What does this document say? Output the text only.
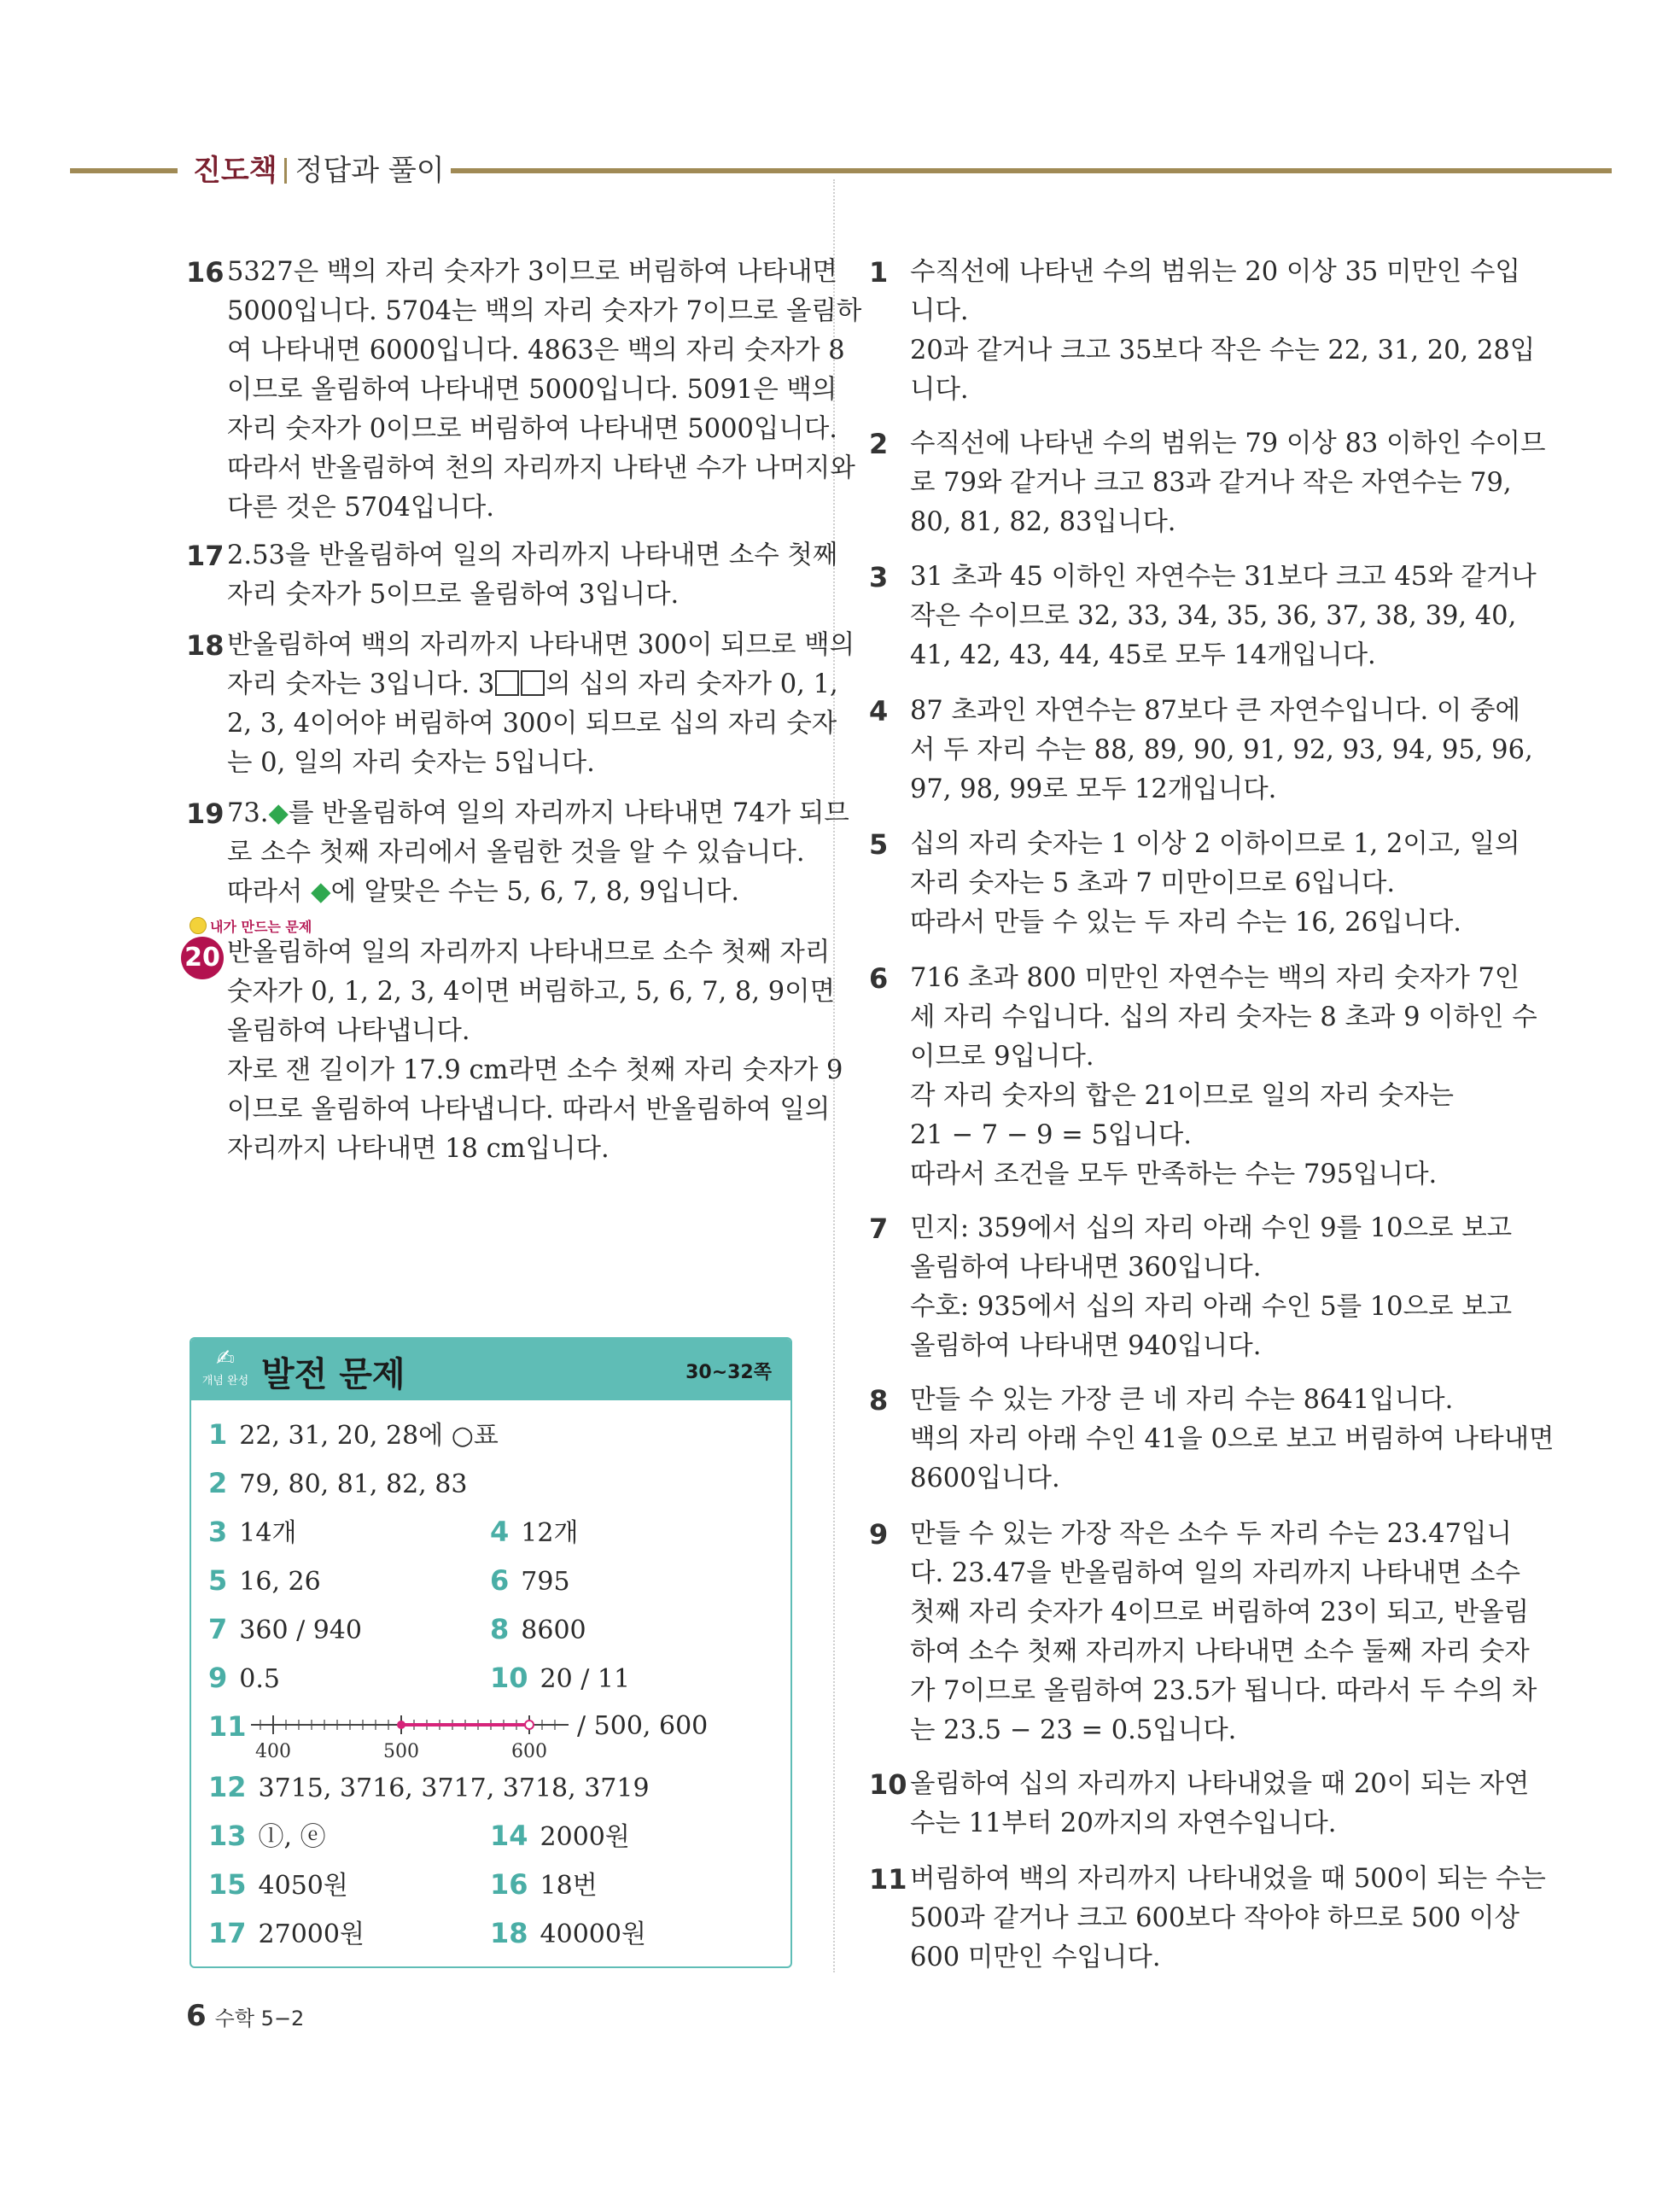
진도책 정답과 풀이
16 5327은 백의 자리 숫자가 3이므로 버림하여 나타내면
5000입니다. 5704는 백의 자리 숫자가 7이므로 올림하
여 나타내면 6000입니다. 4863은 백의 자리 숫자가 8
이므로 올림하여 나타내면 5000입니다. 5091은 백의
자리 숫자가 0이므로 버림하여 나타내면 5000입니다.
따라서 반올림하여 천의 자리까지 나타낸 수가 나머지와
다른 것은 5704입니다.
17 2.53을 반올림하여 일의 자리까지 나타내면 소수 첫째
자리 숫자가 5이므로 올림하여 3입니다.
18 반올림하여 백의 자리까지 나타내면 300이 되므로 백의
자리 숫자는 3입니다. 3	의 십의 자리 숫자가 0, 1,
2, 3, 4이어야 버림하여 300이 되므로 십의 자리 숫자
는 0, 일의 자리 숫자는 5입니다.
19 73.◆ 를 반올림하여 일의 자리까지 나타내면 74가 되므
로 소수 첫째 자리에서 올림한 것을 알 수 있습니다.
따라서 ◆에 알맞은 수는 5, 6, 7, 8, 9입니다.
내가 만드는 문제
20 반올림하여 일의 자리까지 나타내므로 소수 첫째 자리
숫자가 0, 1, 2, 3, 4이면 버림하고, 5, 6, 7, 8, 9이면
올림하여 나타냅니다.
자로 잰 길이가 17.9 cm라면 소수 첫째 자리 숫자가 9
이므로 올림하여 나타냅니다. 따라서 반올림하여 일의
자리까지 나타내면 18 cm입니다.
✍
개념 완성 발전 문제	30~32쪽
1 22, 31, 20, 28에 ○표
2 79, 80, 81, 82, 83
3 14개	4 12개
5 16, 26	6 795
7 360 / 940	8 8600
9 0.5	10 20 / 11
11
400	500	600
/ 500, 600
12 3715, 3716, 3717, 3718, 3719
13 ⓛ, ⓔ	14 2000원
15 4050원	16 18번
17 27000원	18 40000원
1 수직선에 나타낸 수의 범위는 20 이상 35 미만인 수입
니다.
20과 같거나 크고 35보다 작은 수는 22, 31, 20, 28입
니다.
2 수직선에 나타낸 수의 범위는 79 이상 83 이하인 수이므
로 79와 같거나 크고 83과 같거나 작은 자연수는 79,
80, 81, 82, 83입니다.
3 31 초과 45 이하인 자연수는 31보다 크고 45와 같거나
작은 수이므로 32, 33, 34, 35, 36, 37, 38, 39, 40,
41, 42, 43, 44, 45로 모두 14개입니다.
4 87 초과인 자연수는 87보다 큰 자연수입니다. 이 중에
서 두 자리 수는 88, 89, 90, 91, 92, 93, 94, 95, 96,
97, 98, 99로 모두 12개입니다.
5 십의 자리 숫자는 1 이상 2 이하이므로 1, 2이고, 일의
자리 숫자는 5 초과 7 미만이므로 6입니다.
따라서 만들 수 있는 두 자리 수는 16, 26입니다.
6 716 초과 800 미만인 자연수는 백의 자리 숫자가 7인
세 자리 수입니다. 십의 자리 숫자는 8 초과 9 이하인 수
이므로 9입니다.
각 자리 숫자의 합은 21이므로 일의 자리 숫자는
21 − 7 − 9 = 5입니다.
따라서 조건을 모두 만족하는 수는 795입니다.
7 민지: 359에서 십의 자리 아래 수인 9를 10으로 보고
올림하여 나타내면 360입니다.
수호: 935에서 십의 자리 아래 수인 5를 10으로 보고
올림하여 나타내면 940입니다.
8 만들 수 있는 가장 큰 네 자리 수는 8641입니다.
백의 자리 아래 수인 41을 0으로 보고 버림하여 나타내면
8600입니다.
9 만들 수 있는 가장 작은 소수 두 자리 수는 23.47입니
다. 23.47을 반올림하여 일의 자리까지 나타내면 소수
첫째 자리 숫자가 4이므로 버림하여 23이 되고, 반올림
하여 소수 첫째 자리까지 나타내면 소수 둘째 자리 숫자
가 7이므로 올림하여 23.5가 됩니다. 따라서 두 수의 차
는 23.5 − 23 = 0.5입니다.
10 올림하여 십의 자리까지 나타내었을 때 20이 되는 자연
수는 11부터 20까지의 자연수입니다.
11 버림하여 백의 자리까지 나타내었을 때 500이 되는 수는
500과 같거나 크고 600보다 작아야 하므로 500 이상
600 미만인 수입니다.
6 수학 5−2
